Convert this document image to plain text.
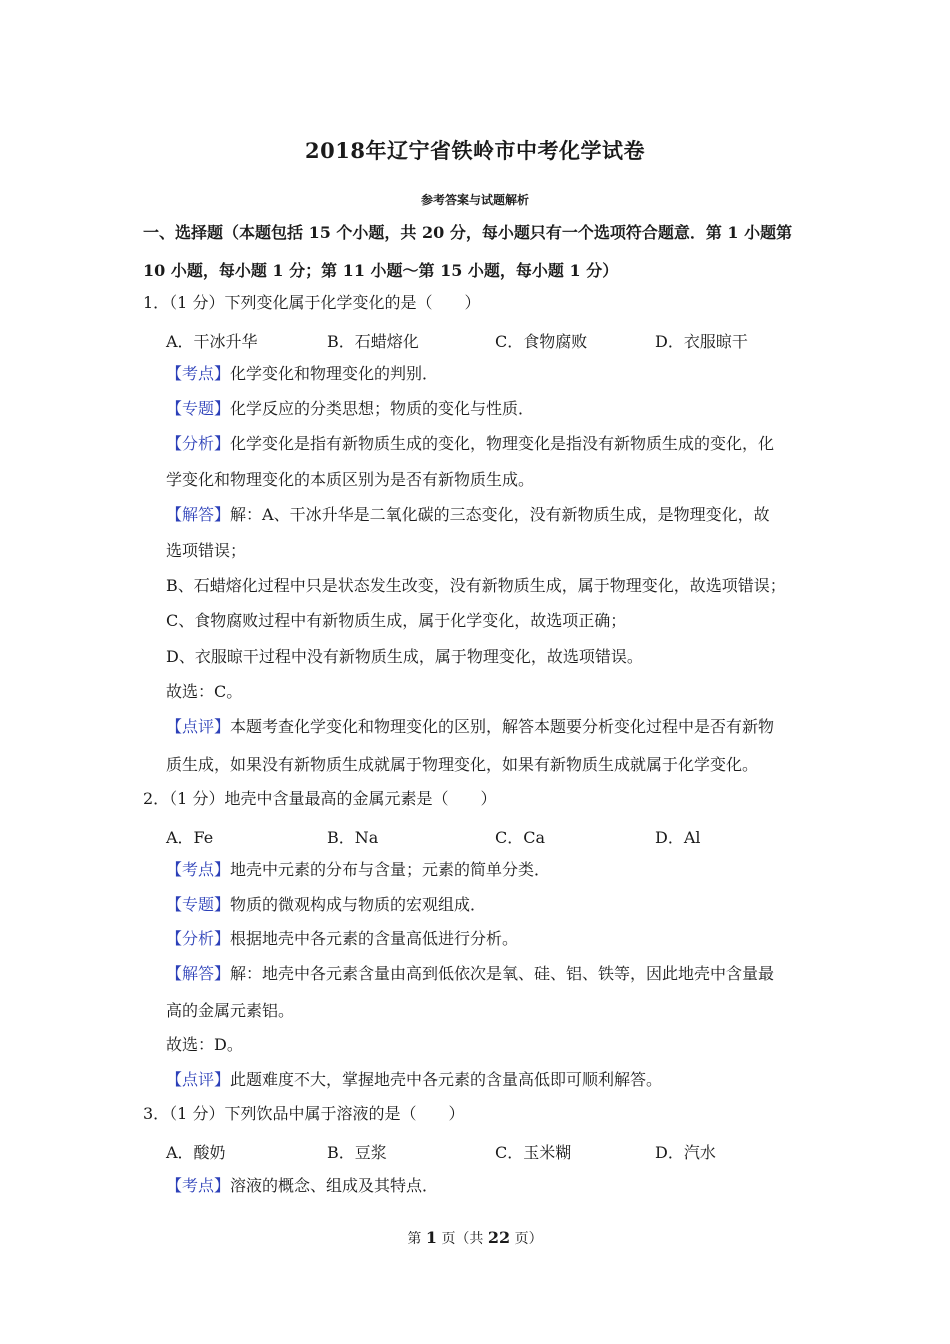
2018年辽宁省铁岭市中考化学试卷
参考答案与试题解析
一、选择题（本题包括 15 个小题，共 20 分，每小题只有一个选项符合题意．第 1 小题第
10 小题，每小题 1 分；第 11 小题～第 15 小题，每小题 1 分）
1．（1 分）下列变化属于化学变化的是（　　）
A．干冰升华	B．石蜡熔化	C．食物腐败	D．衣服晾干
【考点】化学变化和物理变化的判别．
【专题】化学反应的分类思想；物质的变化与性质．
【分析】化学变化是指有新物质生成的变化，物理变化是指没有新物质生成的变化，化
学变化和物理变化的本质区别为是否有新物质生成。
【解答】解：A、干冰升华是二氧化碳的三态变化，没有新物质生成，是物理变化，故
选项错误；
B、石蜡熔化过程中只是状态发生改变，没有新物质生成，属于物理变化，故选项错误；
C、食物腐败过程中有新物质生成，属于化学变化，故选项正确；
D、衣服晾干过程中没有新物质生成，属于物理变化，故选项错误。
故选：C。
【点评】本题考查化学变化和物理变化的区别，解答本题要分析变化过程中是否有新物
质生成，如果没有新物质生成就属于物理变化，如果有新物质生成就属于化学变化。
2．（1 分）地壳中含量最高的金属元素是（　　）
A．Fe	B．Na	C．Ca	D．Al
【考点】地壳中元素的分布与含量；元素的简单分类．
【专题】物质的微观构成与物质的宏观组成．
【分析】根据地壳中各元素的含量高低进行分析。
【解答】解：地壳中各元素含量由高到低依次是氧、硅、铝、铁等，因此地壳中含量最
高的金属元素铝。
故选：D。
【点评】此题难度不大，掌握地壳中各元素的含量高低即可顺利解答。
3．（1 分）下列饮品中属于溶液的是（　　）
A．酸奶	B．豆浆	C．玉米糊	D．汽水
【考点】溶液的概念、组成及其特点．
第 1 页（共 22 页）
